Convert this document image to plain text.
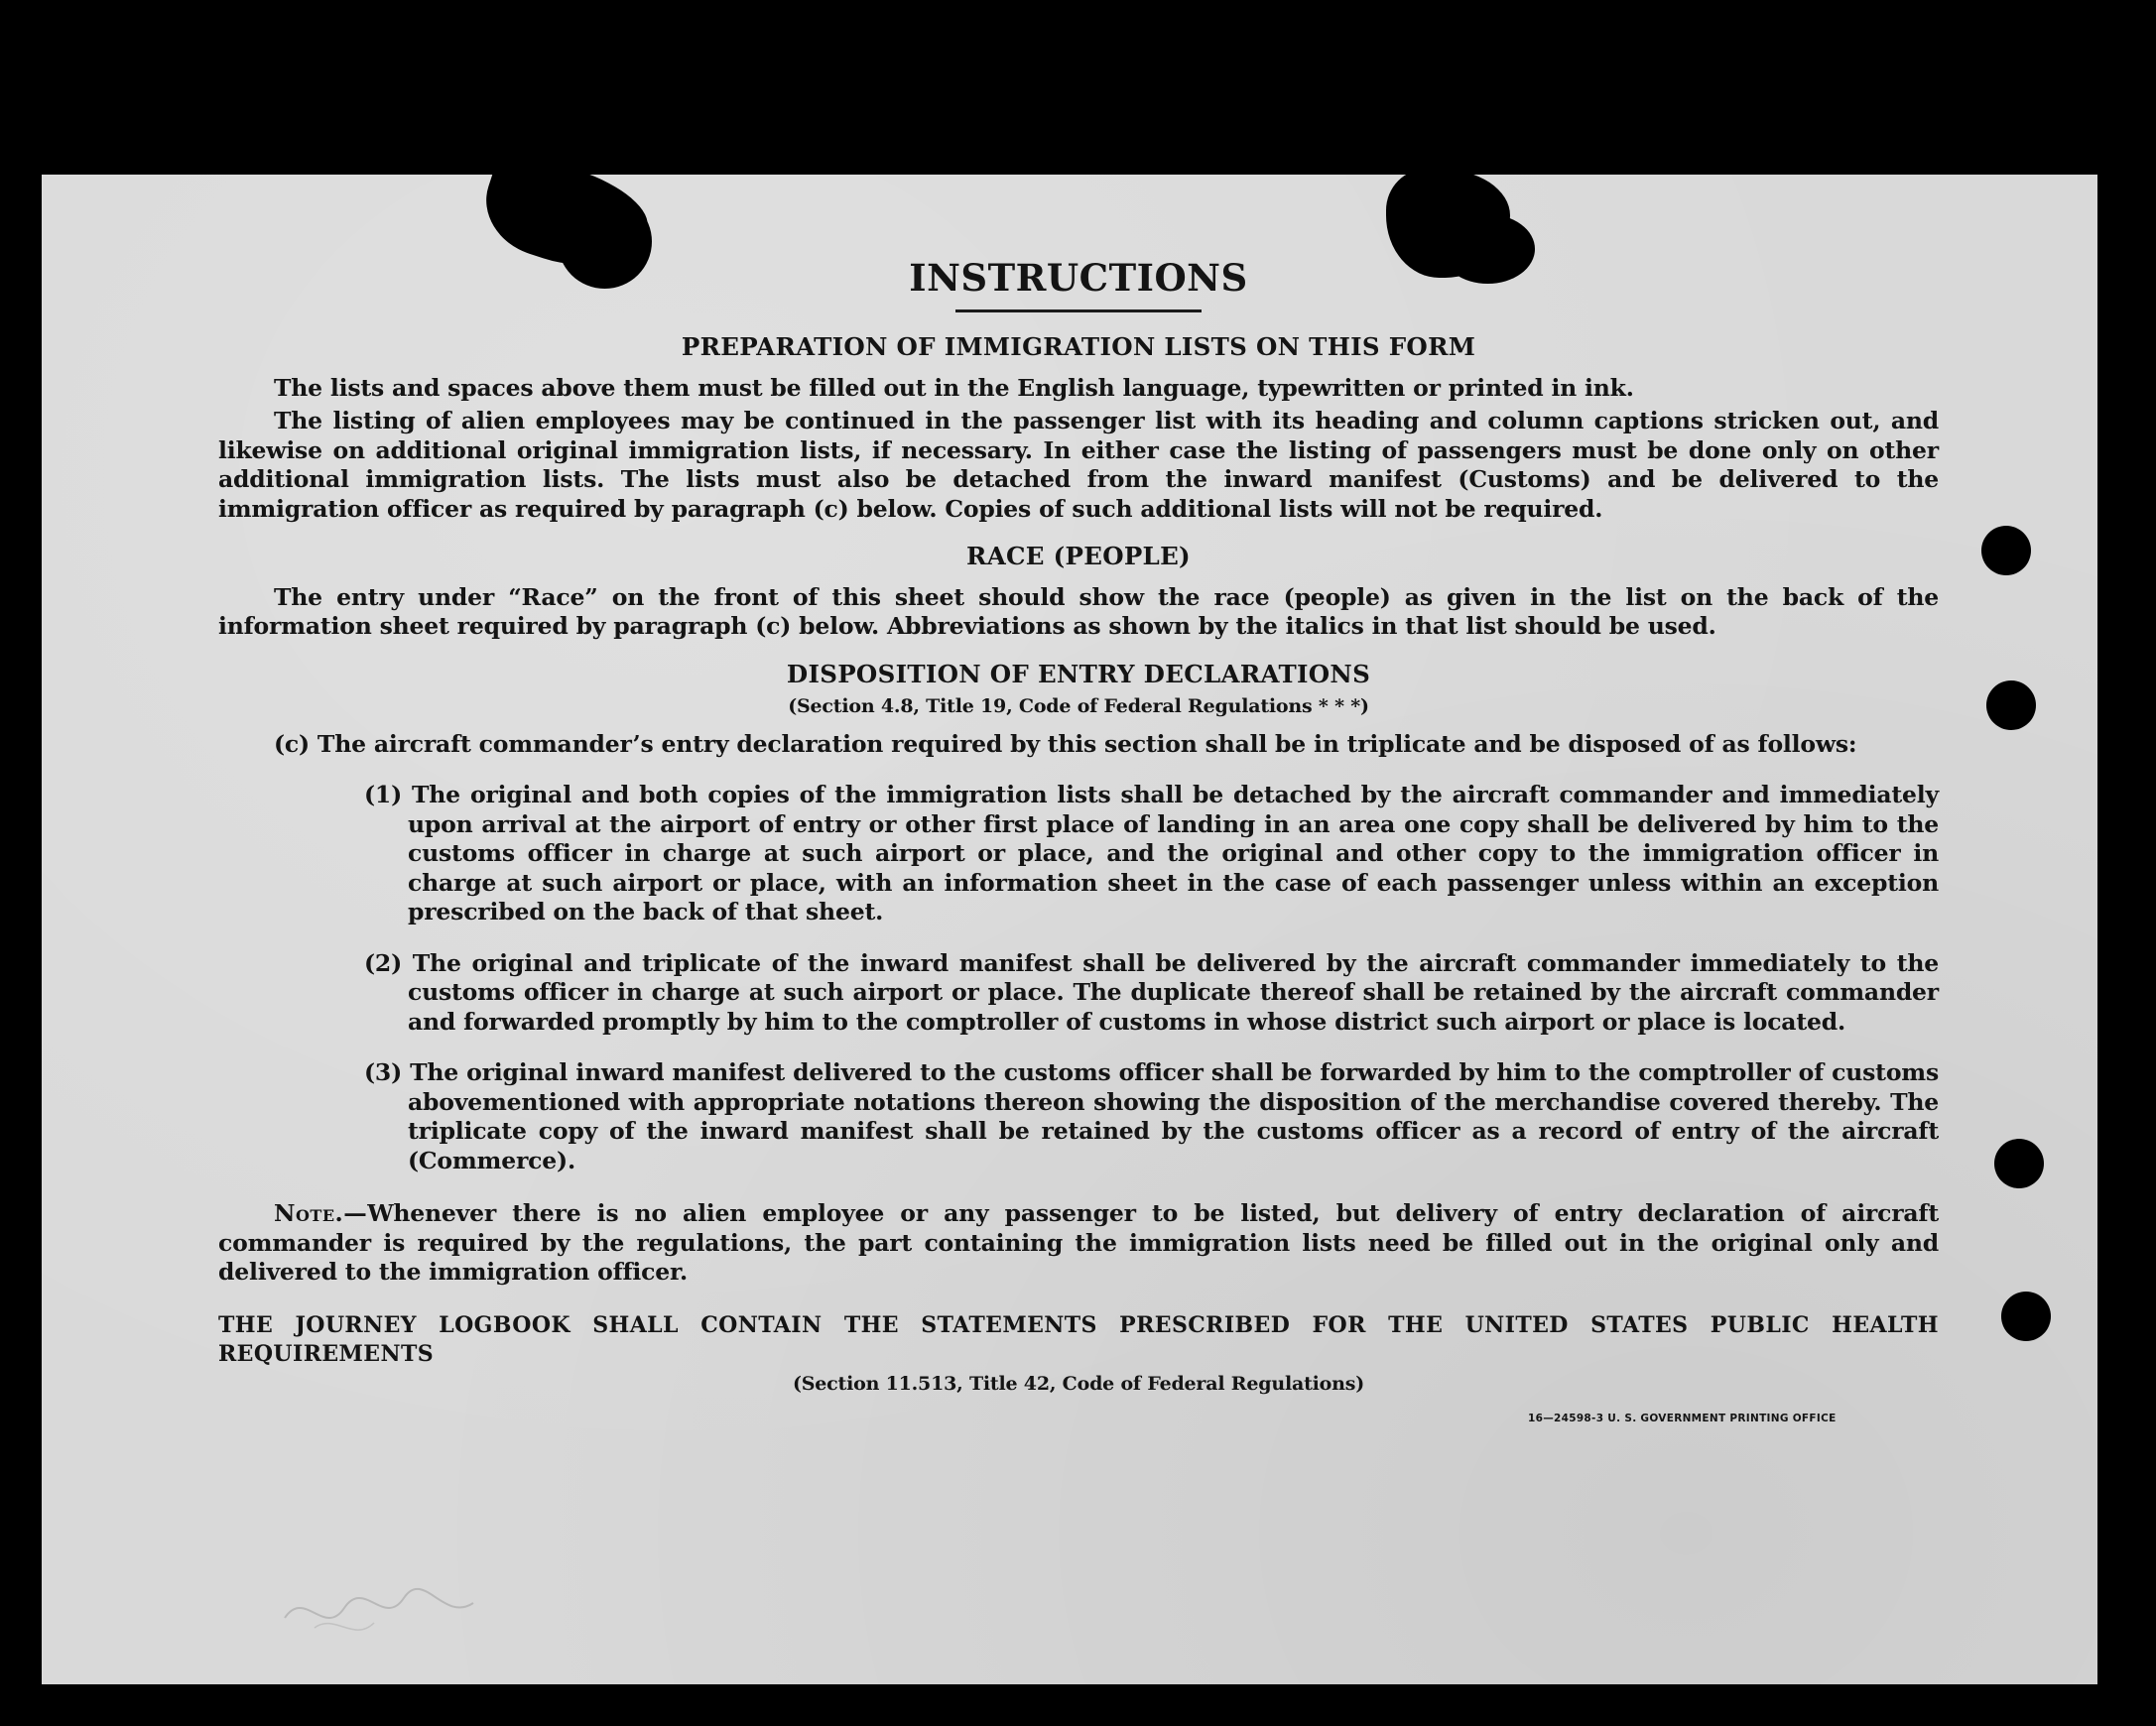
INSTRUCTIONS
PREPARATION OF IMMIGRATION LISTS ON THIS FORM

The lists and spaces above them must be filled out in the English language, typewritten or printed in ink.

The listing of alien employees may be continued in the passenger list with its heading and column captions stricken out, and likewise on additional original immigration lists, if necessary. In either case the listing of passengers must be done only on other additional immigration lists. The lists must also be detached from the inward manifest (Customs) and be delivered to the immigration officer as required by paragraph (c) below. Copies of such additional lists will not be required.

RACE (PEOPLE)

The entry under “Race” on the front of this sheet should show the race (people) as given in the list on the back of the information sheet required by paragraph (c) below. Abbreviations as shown by the italics in that list should be used.

DISPOSITION OF ENTRY DECLARATIONS
(Section 4.8, Title 19, Code of Federal Regulations * * *)

(c) The aircraft commander’s entry declaration required by this section shall be in triplicate and be disposed of as follows:

(1) The original and both copies of the immigration lists shall be detached by the aircraft commander and immediately upon arrival at the airport of entry or other first place of landing in an area one copy shall be delivered by him to the customs officer in charge at such airport or place, and the original and other copy to the immigration officer in charge at such airport or place, with an information sheet in the case of each passenger unless within an exception prescribed on the back of that sheet.

(2) The original and triplicate of the inward manifest shall be delivered by the aircraft commander immediately to the customs officer in charge at such airport or place. The duplicate thereof shall be retained by the aircraft commander and forwarded promptly by him to the comptroller of customs in whose district such airport or place is located.

(3) The original inward manifest delivered to the customs officer shall be forwarded by him to the comptroller of customs abovementioned with appropriate notations thereon showing the disposition of the merchandise covered thereby. The triplicate copy of the inward manifest shall be retained by the customs officer as a record of entry of the aircraft (Commerce).

Note.—Whenever there is no alien employee or any passenger to be listed, but delivery of entry declaration of aircraft commander is required by the regulations, the part containing the immigration lists need be filled out in the original only and delivered to the immigration officer.

THE JOURNEY LOGBOOK SHALL CONTAIN THE STATEMENTS PRESCRIBED FOR THE UNITED STATES PUBLIC HEALTH REQUIREMENTS

(Section 11.513, Title 42, Code of Federal Regulations)
16—24598-3 U. S. GOVERNMENT PRINTING OFFICE
